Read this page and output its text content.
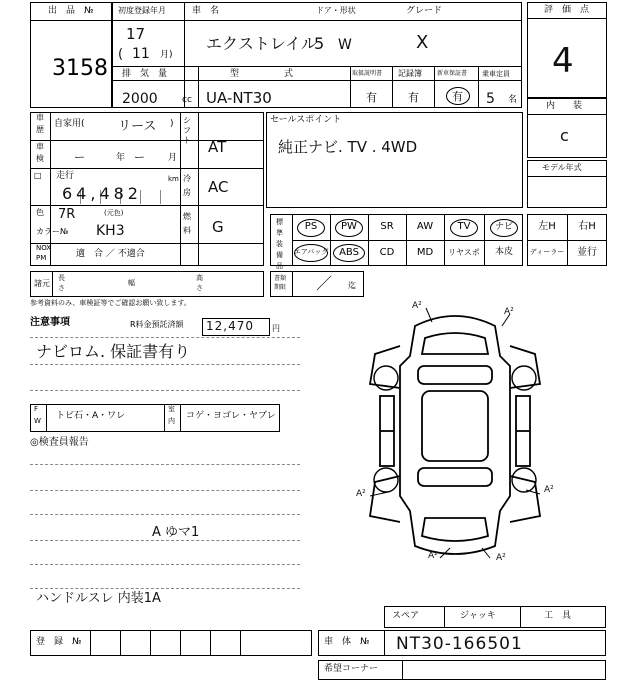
出　品　№
3158
初度登録年月
17
( 11 月)
車　名
エクストレイル
ドア・形状
5 W
グレード
X
排　気　量
2000	cc
型　　　　　式
UA-NT30
取扱説明書
有
記録簿
有
新車保証書
有
乗車定員
5 名
評　価　点
4
内　　装
c
モデル年式
車
歴
自家用(	リース )
車
検	ー	年 ー	月
□ 走行
64,482
km
色 7R	(元色)
カラー№ KH3
NOX
PM	適　合 ／ 不適合
シフト AT
冷房 AC
燃料 G
セールスポイント
純正ナビ. TV . 4WD
標準装備品
PS	PW	SR	AW	TV	ナビ
エアバッグ	ABS	CD	MD	リヤスポ	本皮
左H	右H
ディーラー	並行
諸元
長
さ
幅
高
さ
書類期限 ／ 迄
参考資料のみ、車検証等でご確認お願い致します。
注意事項	R料金預託済額 12,470 円
ナビロム. 保証書有り
F
W トビ石・A・ワレ
室
内 コゲ・ヨゴレ・ヤブレ
◎検査員報告
A ゆマ1
ハンドルスレ 内装1A
A²
A²
A²	A²
A²	A²
スペア	ジャッキ	工　具
登　録　№	車　体　№ NT30-166501
希望コーナー
